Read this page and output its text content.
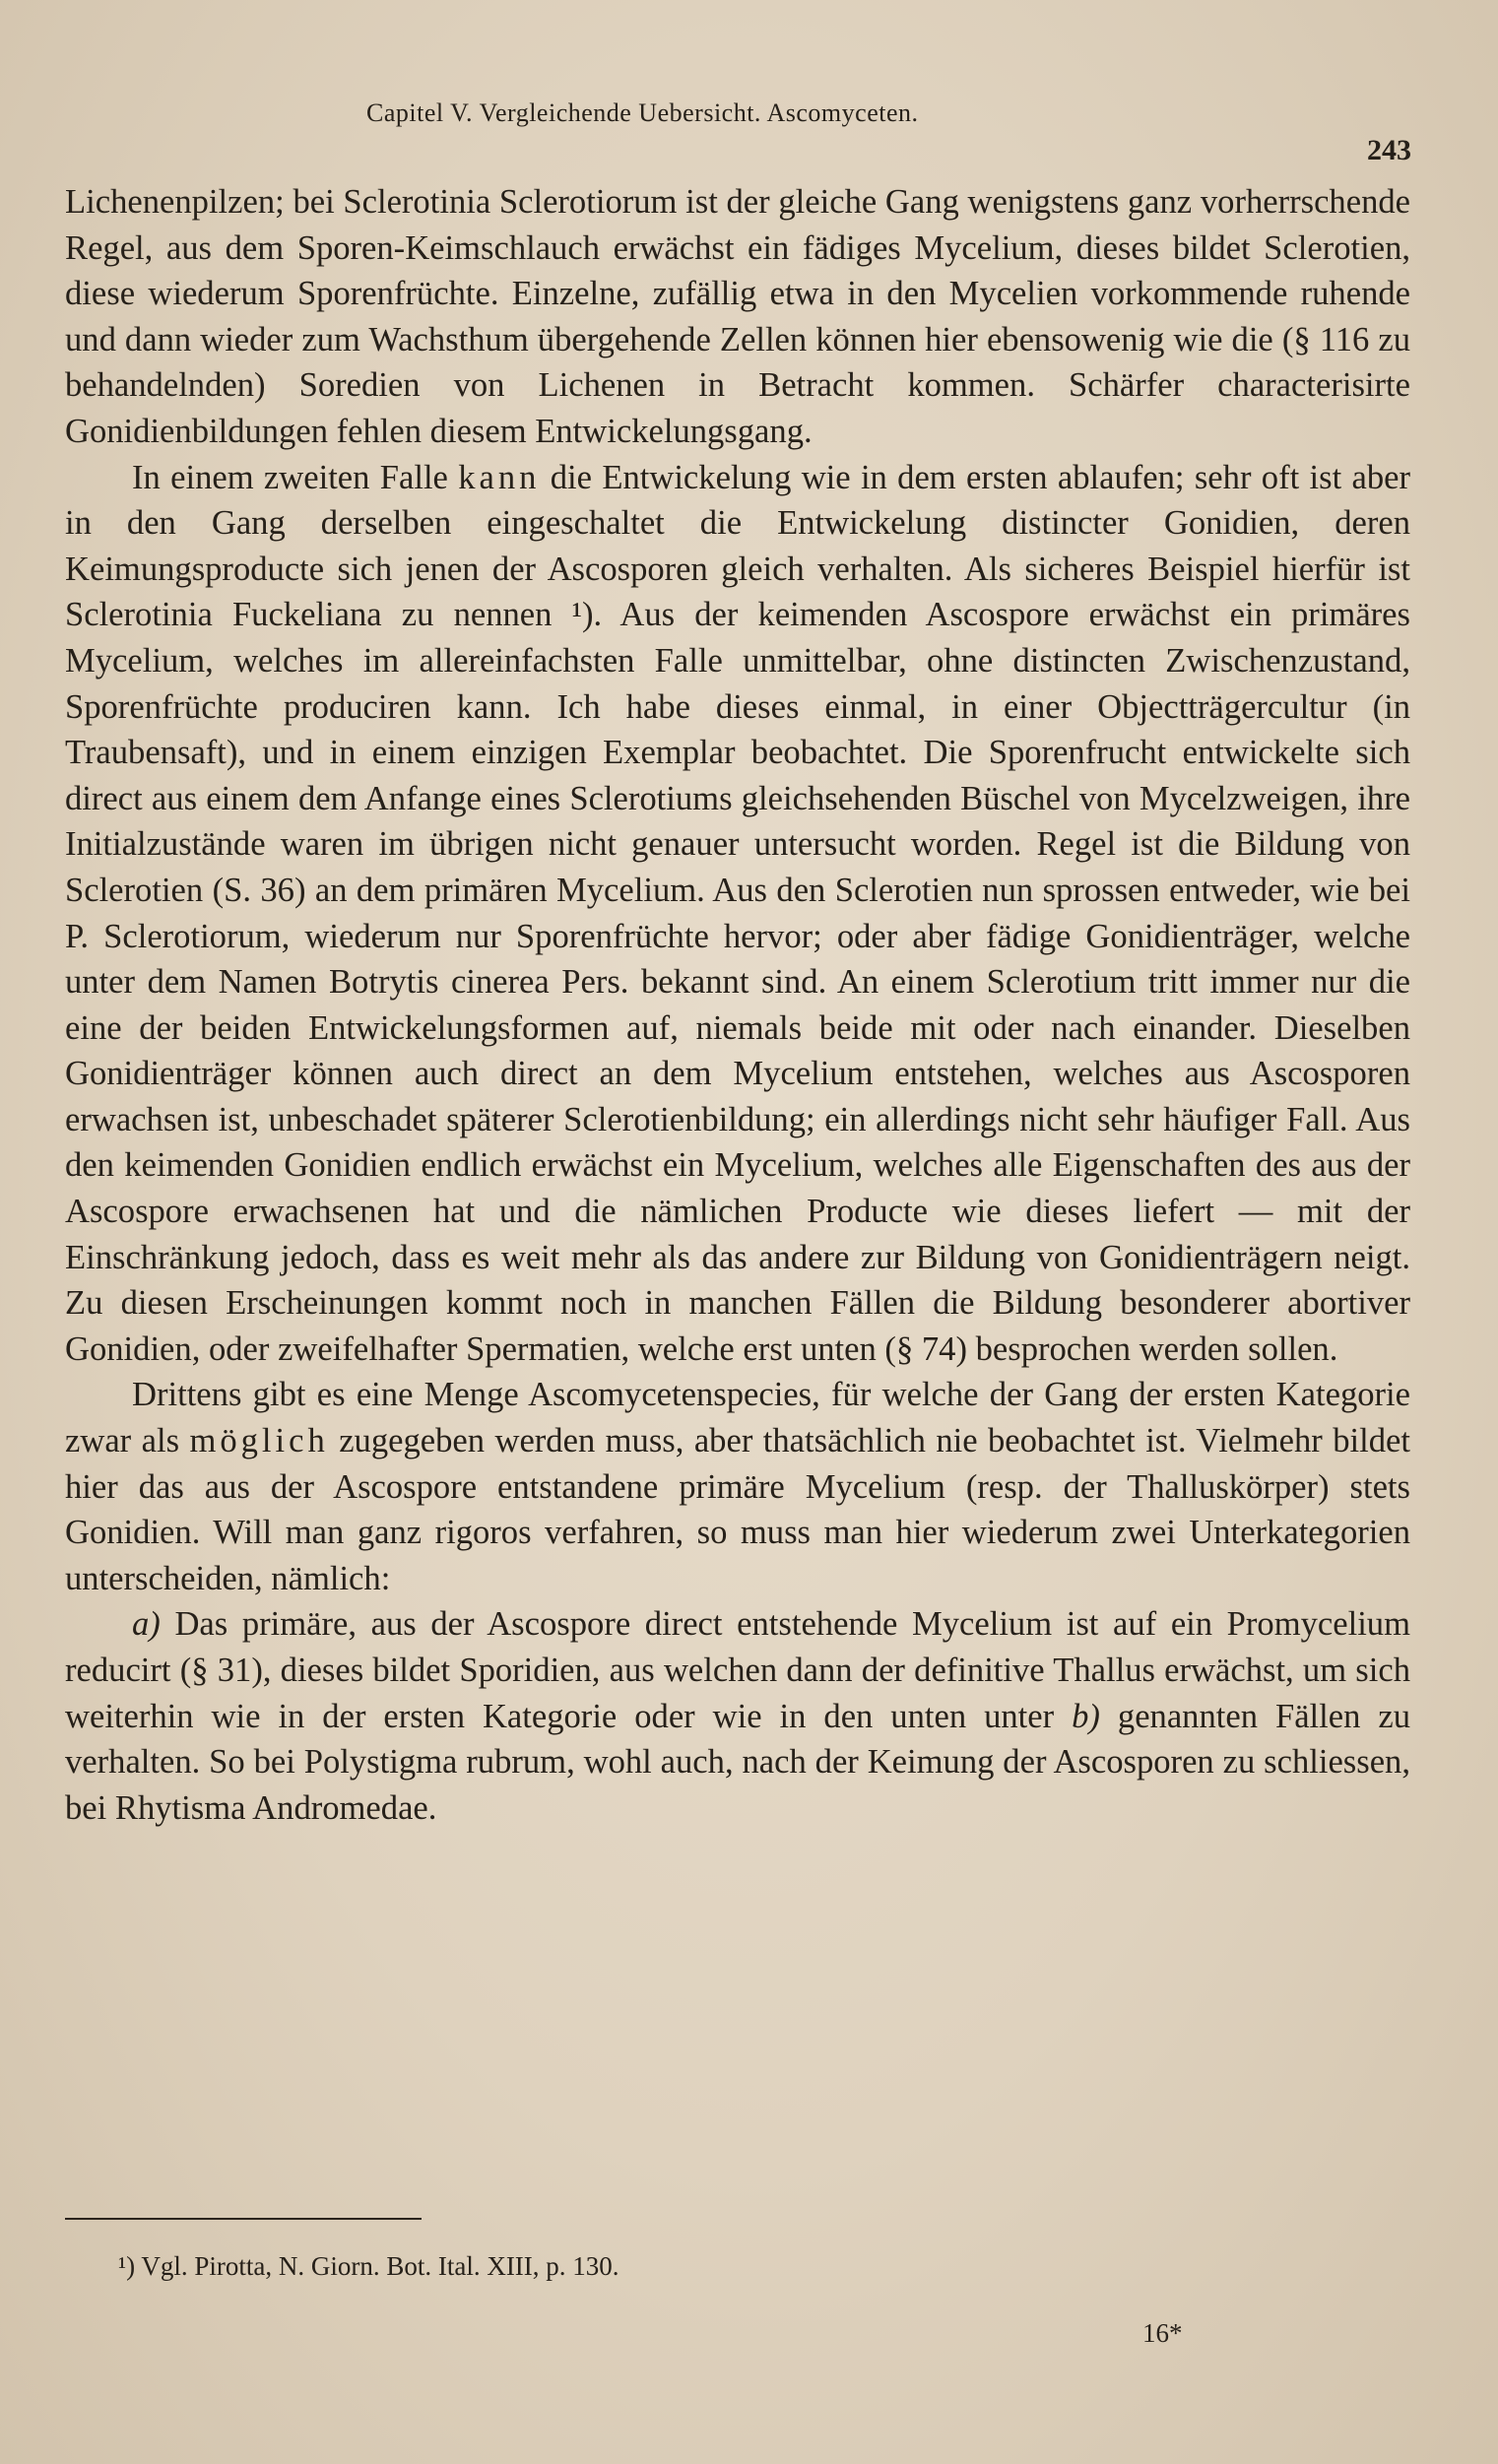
Capitel V. Vergleichende Uebersicht. Ascomyceten.
243

Lichenenpilzen; bei Sclerotinia Sclerotiorum ist der gleiche Gang wenigstens ganz vorherrschende Regel, aus dem Sporen-Keimschlauch erwächst ein fädiges Mycelium, dieses bildet Sclerotien, diese wiederum Sporenfrüchte. Einzelne, zufällig etwa in den Mycelien vorkommende ruhende und dann wieder zum Wachsthum übergehende Zellen können hier ebensowenig wie die (§ 116 zu behandelnden) Soredien von Lichenen in Betracht kommen. Schärfer characterisirte Gonidienbildungen fehlen diesem Entwickelungsgang.

In einem zweiten Falle kann die Entwickelung wie in dem ersten ablaufen; sehr oft ist aber in den Gang derselben eingeschaltet die Entwickelung distincter Gonidien, deren Keimungsproducte sich jenen der Ascosporen gleich verhalten. Als sicheres Beispiel hierfür ist Sclerotinia Fuckeliana zu nennen ¹). Aus der keimenden Ascospore erwächst ein primäres Mycelium, welches im allereinfachsten Falle unmittelbar, ohne distincten Zwischenzustand, Sporenfrüchte produciren kann. Ich habe dieses einmal, in einer Objectträgercultur (in Traubensaft), und in einem einzigen Exemplar beobachtet. Die Sporenfrucht entwickelte sich direct aus einem dem Anfange eines Sclerotiums gleichsehenden Büschel von Mycelzweigen, ihre Initialzustände waren im übrigen nicht genauer untersucht worden. Regel ist die Bildung von Sclerotien (S. 36) an dem primären Mycelium. Aus den Sclerotien nun sprossen entweder, wie bei P. Sclerotiorum, wiederum nur Sporenfrüchte hervor; oder aber fädige Gonidienträger, welche unter dem Namen Botrytis cinerea Pers. bekannt sind. An einem Sclerotium tritt immer nur die eine der beiden Entwickelungsformen auf, niemals beide mit oder nach einander. Dieselben Gonidienträger können auch direct an dem Mycelium entstehen, welches aus Ascosporen erwachsen ist, unbeschadet späterer Sclerotienbildung; ein allerdings nicht sehr häufiger Fall. Aus den keimenden Gonidien endlich erwächst ein Mycelium, welches alle Eigenschaften des aus der Ascospore erwachsenen hat und die nämlichen Producte wie dieses liefert — mit der Einschränkung jedoch, dass es weit mehr als das andere zur Bildung von Gonidienträgern neigt. Zu diesen Erscheinungen kommt noch in manchen Fällen die Bildung besonderer abortiver Gonidien, oder zweifelhafter Spermatien, welche erst unten (§ 74) besprochen werden sollen.

Drittens gibt es eine Menge Ascomycetenspecies, für welche der Gang der ersten Kategorie zwar als möglich zugegeben werden muss, aber thatsächlich nie beobachtet ist. Vielmehr bildet hier das aus der Ascospore entstandene primäre Mycelium (resp. der Thalluskörper) stets Gonidien. Will man ganz rigoros verfahren, so muss man hier wiederum zwei Unterkategorien unterscheiden, nämlich:

a) Das primäre, aus der Ascospore direct entstehende Mycelium ist auf ein Promycelium reducirt (§ 31), dieses bildet Sporidien, aus welchen dann der definitive Thallus erwächst, um sich weiterhin wie in der ersten Kategorie oder wie in den unten unter b) genannten Fällen zu verhalten. So bei Polystigma rubrum, wohl auch, nach der Keimung der Ascosporen zu schliessen, bei Rhytisma Andromedae.

¹) Vgl. Pirotta, N. Giorn. Bot. Ital. XIII, p. 130.
16*
